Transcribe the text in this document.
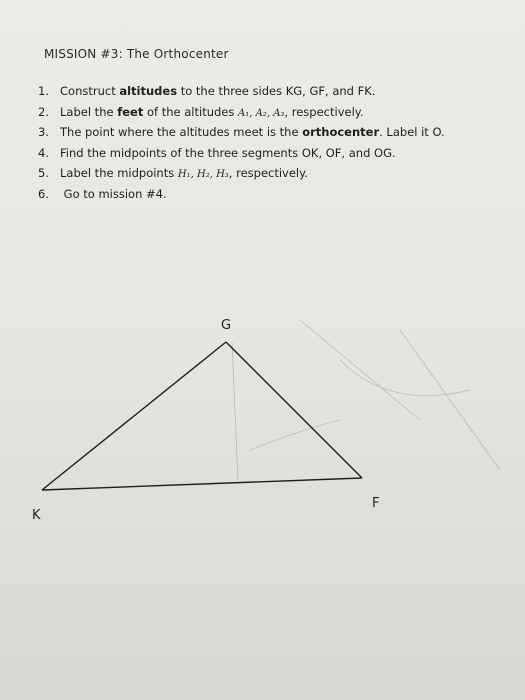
MISSION #3: The Orthocenter
1. Construct altitudes to the three sides KG, GF, and FK.
2. Label the feet of the altitudes A₁, A₂, A₃, respectively.
3. The point where the altitudes meet is the orthocenter. Label it O.
4. Find the midpoints of the three segments OK, OF, and OG.
5. Label the midpoints H₁, H₂, H₃, respectively.
6. Go to mission #4.
G
F
K
